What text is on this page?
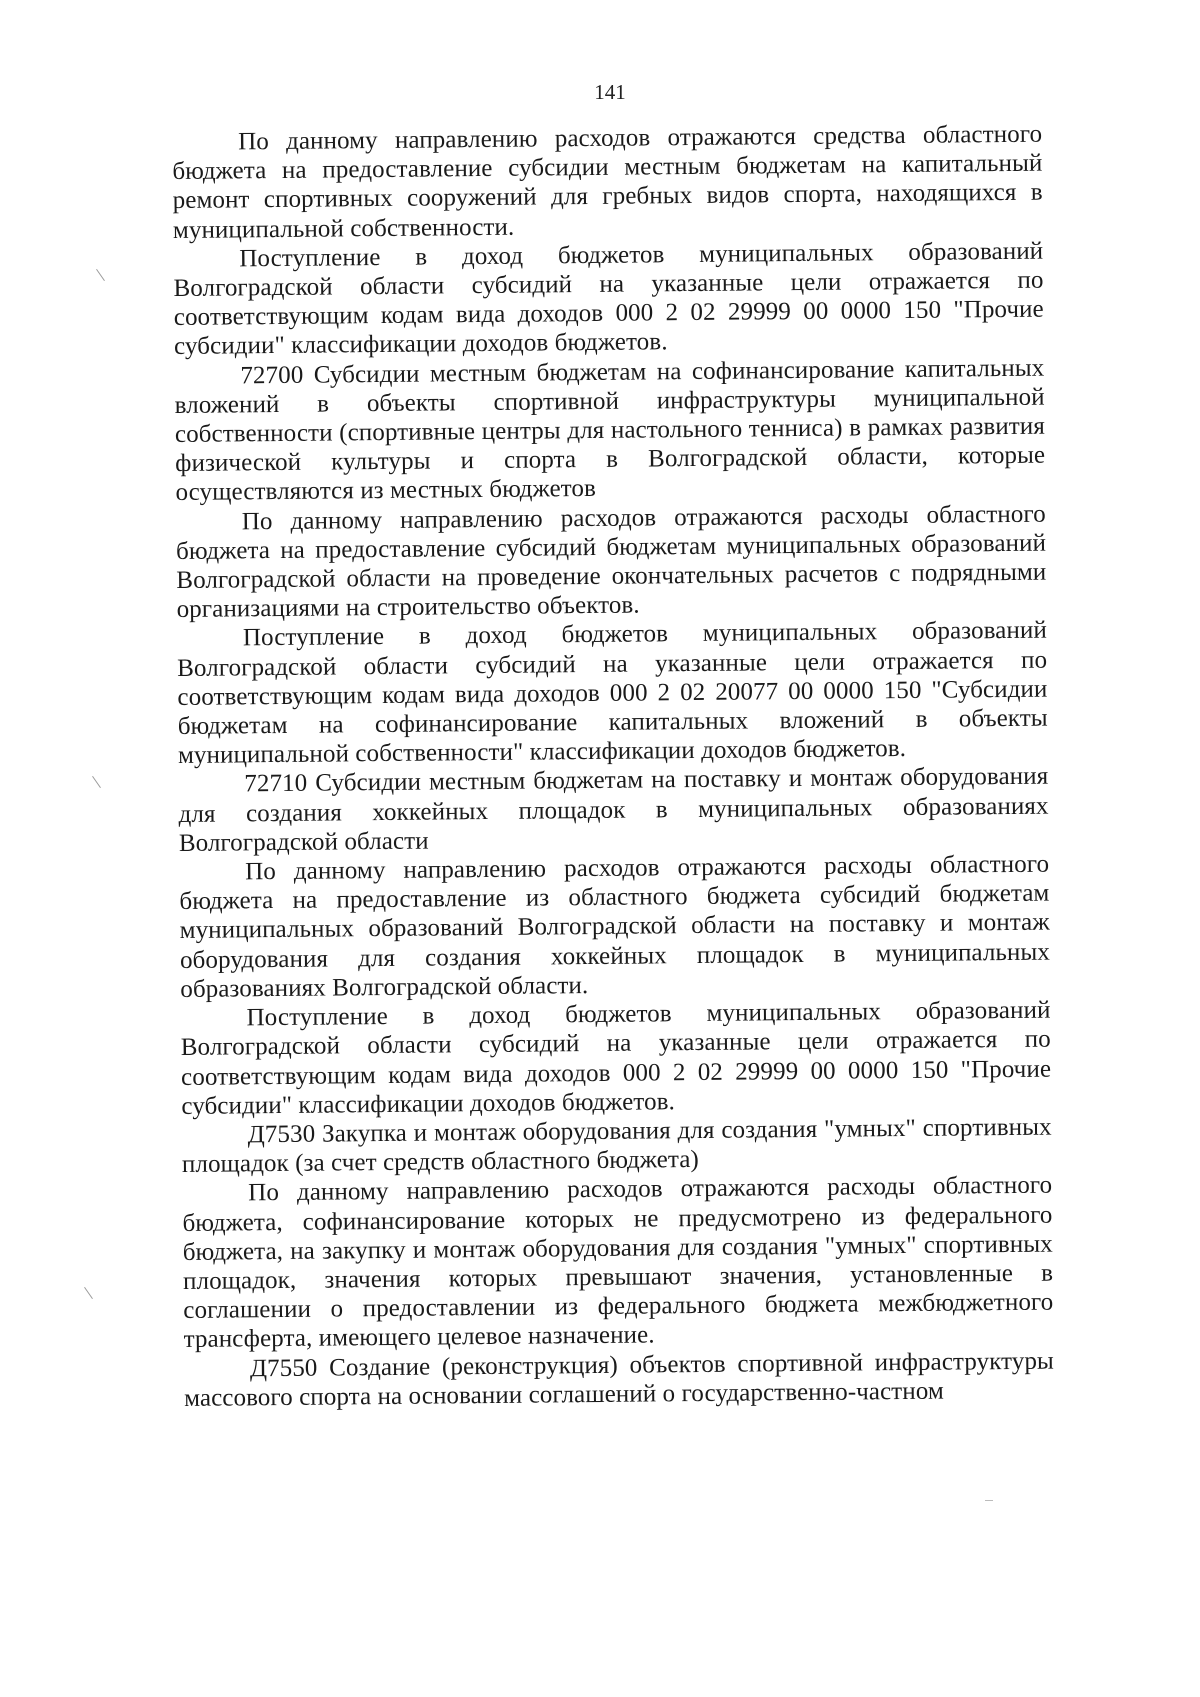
141

По данному направлению расходов отражаются средства областного бюджета на предоставление субсидии местным бюджетам на капитальный ремонт спортивных сооружений для гребных видов спорта, находящихся в муниципальной собственности.

Поступление в доход бюджетов муниципальных образований Волгоградской области субсидий на указанные цели отражается по соответствующим кодам вида доходов 000 2 02 29999 00 0000 150 "Прочие субсидии" классификации доходов бюджетов.

72700 Субсидии местным бюджетам на софинансирование капитальных вложений в объекты спортивной инфраструктуры муниципальной собственности (спортивные центры для настольного тенниса) в рамках развития физической культуры и спорта в Волгоградской области, которые осуществляются из местных бюджетов

По данному направлению расходов отражаются расходы областного бюджета на предоставление субсидий бюджетам муниципальных образований Волгоградской области на проведение окончательных расчетов с подрядными организациями на строительство объектов.

Поступление в доход бюджетов муниципальных образований Волгоградской области субсидий на указанные цели отражается по соответствующим кодам вида доходов 000 2 02 20077 00 0000 150 "Субсидии бюджетам на софинансирование капитальных вложений в объекты муниципальной собственности" классификации доходов бюджетов.

72710 Субсидии местным бюджетам на поставку и монтаж оборудования для создания хоккейных площадок в муниципальных образованиях Волгоградской области

По данному направлению расходов отражаются расходы областного бюджета на предоставление из областного бюджета субсидий бюджетам муниципальных образований Волгоградской области на поставку и монтаж оборудования для создания хоккейных площадок в муниципальных образованиях Волгоградской области.

Поступление в доход бюджетов муниципальных образований Волгоградской области субсидий на указанные цели отражается по соответствующим кодам вида доходов 000 2 02 29999 00 0000 150 "Прочие субсидии" классификации доходов бюджетов.

Д7530 Закупка и монтаж оборудования для создания "умных" спортивных площадок (за счет средств областного бюджета)

По данному направлению расходов отражаются расходы областного бюджета, софинансирование которых не предусмотрено из федерального бюджета, на закупку и монтаж оборудования для создания "умных" спортивных площадок, значения которых превышают значения, установленные в соглашении о предоставлении из федерального бюджета межбюджетного трансферта, имеющего целевое назначение.

Д7550 Создание (реконструкция) объектов спортивной инфраструктуры массового спорта на основании соглашений о государственно-частном
